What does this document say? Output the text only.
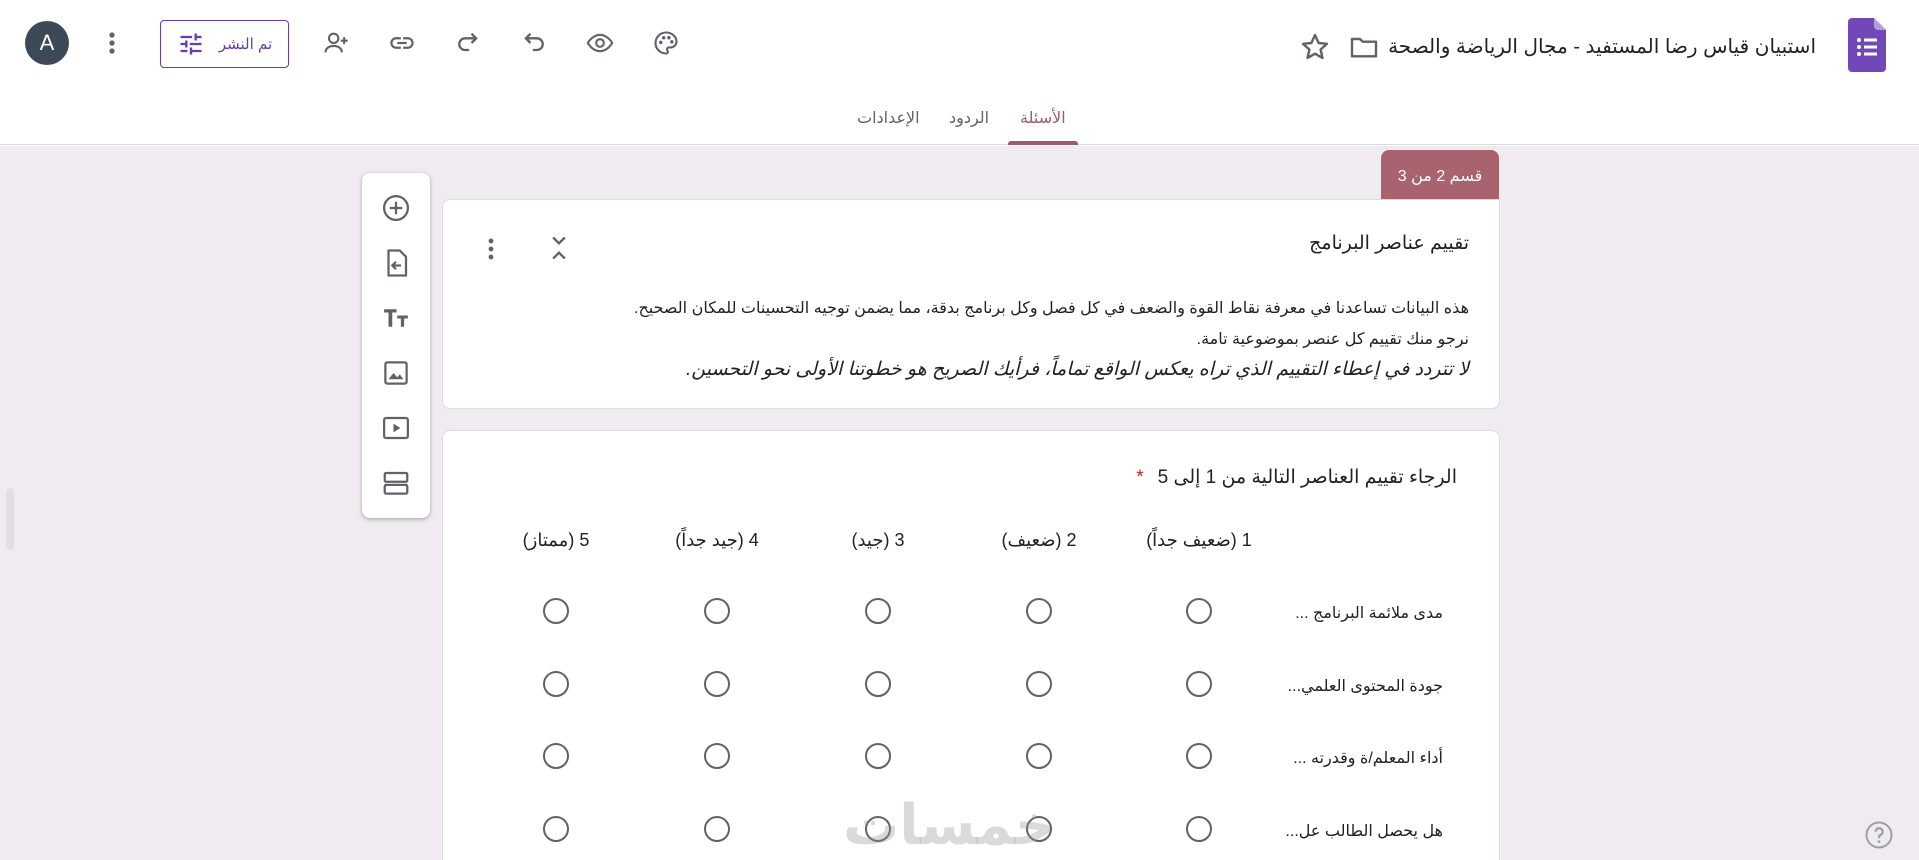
A	تم النشر	استبيان قياس رضا المستفيد - مجال الرياضة والصحة
الإعدادات الردود الأسئلة
قسم 2 من 3
تقييم عناصر البرنامج
هذه البيانات تساعدنا في معرفة نقاط القوة والضعف في كل فصل وكل برنامج بدقة، مما يضمن توجيه التحسينات للمكان الصحيح.
نرجو منك تقييم كل عنصر بموضوعية تامة.
لا تتردد في إعطاء التقييم الذي تراه يعكس الواقع تماماً، فرأيك الصريح هو خطوتنا الأولى نحو التحسين.
الرجاء تقييم العناصر التالية من 1 إلى 5*
1 (ضعيف جداً)
2 (ضعيف)
3 (جيد)
4 (جيد جداً)
5 (ممتاز)
مدى ملائمة البرنامج ...
جودة المحتوى العلمي...
أداء المعلم/ة وقدرته ...
هل يحصل الطالب عل...
خمسات
